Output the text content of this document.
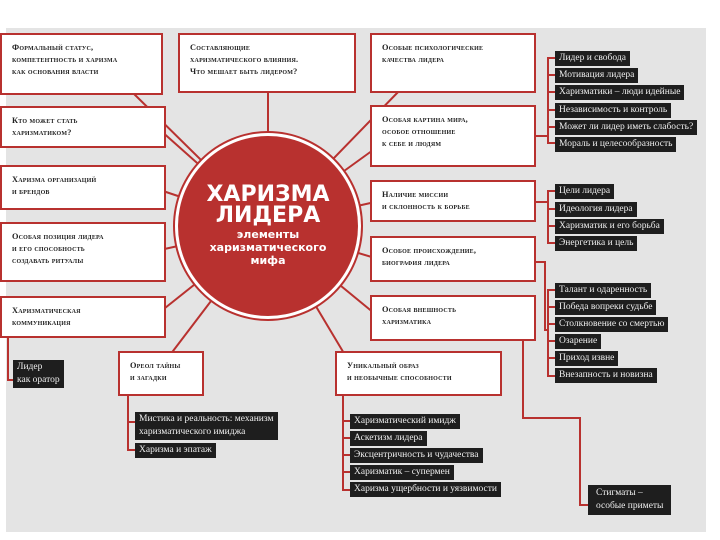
Формальный статус,
компетентность и харизма
как основания власти
Составляющие
харизматического влияния.
Что мешает быть лидером?
Особые психологические
качества лидера
Кто может стать
харизматиком?
Особая картина мира,
особое отношение
к себе и людям
Харизма организаций
и брендов	Наличие миссии
и склонность к борьбе
Особая позиция лидера
и его способность
создавать ритуалы
Особое происхождение,
биография лидера
Харизматическая
коммуникация
Особая внешность
харизматика
Ореол тайны
и загадки
Уникальный образ
и необычные способности
ХАРИЗМА
ЛИДЕРА
элементы
харизматического
мифа
Лидер и свобода
Мотивация лидера
Харизматики – люди идейные
Независимость и контроль
Может ли лидер иметь слабость?
Мораль и целесообразность
Цели лидера
Идеология лидера
Харизматик и его борьба
Энергетика и цель
Талант и одаренность
Победа вопреки судьбе
Столкновение со смертью
Озарение
Приход извне
Внезапность и новизна
Лидер
как оратор
Мистика и реальность: механизм
харизматического имиджа
Харизма и эпатаж
Харизматический имидж
Аскетизм лидера
Эксцентричность и чудачества
Харизматик – супермен
Харизма ущербности и уязвимости	Стигматы –
особые приметы
